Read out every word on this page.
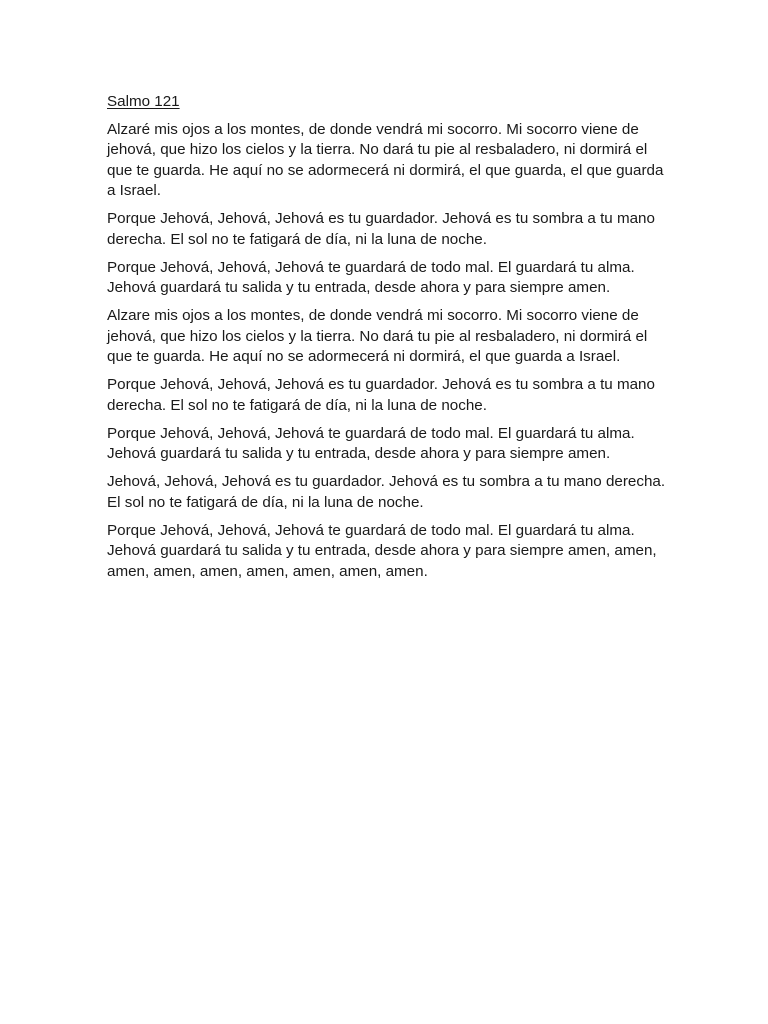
Salmo 121

Alzaré mis ojos a los montes, de donde vendrá mi socorro. Mi socorro viene de jehová, que hizo los cielos y la tierra. No dará tu pie al resbaladero, ni dormirá el que te guarda. He aquí no se adormecerá ni dormirá, el que guarda, el que guarda a Israel.

Porque Jehová, Jehová, Jehová es tu guardador. Jehová es tu sombra a tu mano derecha. El sol no te fatigará de día, ni la luna de noche.

Porque Jehová, Jehová, Jehová te guardará de todo mal. El guardará tu alma. Jehová guardará tu salida y tu entrada, desde ahora y para siempre amen.

Alzare mis ojos a los montes, de donde vendrá mi socorro. Mi socorro viene de jehová, que hizo los cielos y la tierra. No dará tu pie al resbaladero, ni dormirá el que te guarda. He aquí no se adormecerá ni dormirá, el que guarda a Israel.

Porque Jehová, Jehová, Jehová es tu guardador. Jehová es tu sombra a tu mano derecha. El sol no te fatigará de día, ni la luna de noche.

Porque Jehová, Jehová, Jehová te guardará de todo mal. El guardará tu alma. Jehová guardará tu salida y tu entrada, desde ahora y para siempre amen.

Jehová, Jehová, Jehová es tu guardador. Jehová es tu sombra a tu mano derecha. El sol no te fatigará de día, ni la luna de noche.

Porque Jehová, Jehová, Jehová te guardará de todo mal. El guardará tu alma. Jehová guardará tu salida y tu entrada, desde ahora y para siempre amen, amen, amen, amen, amen, amen, amen, amen, amen.
